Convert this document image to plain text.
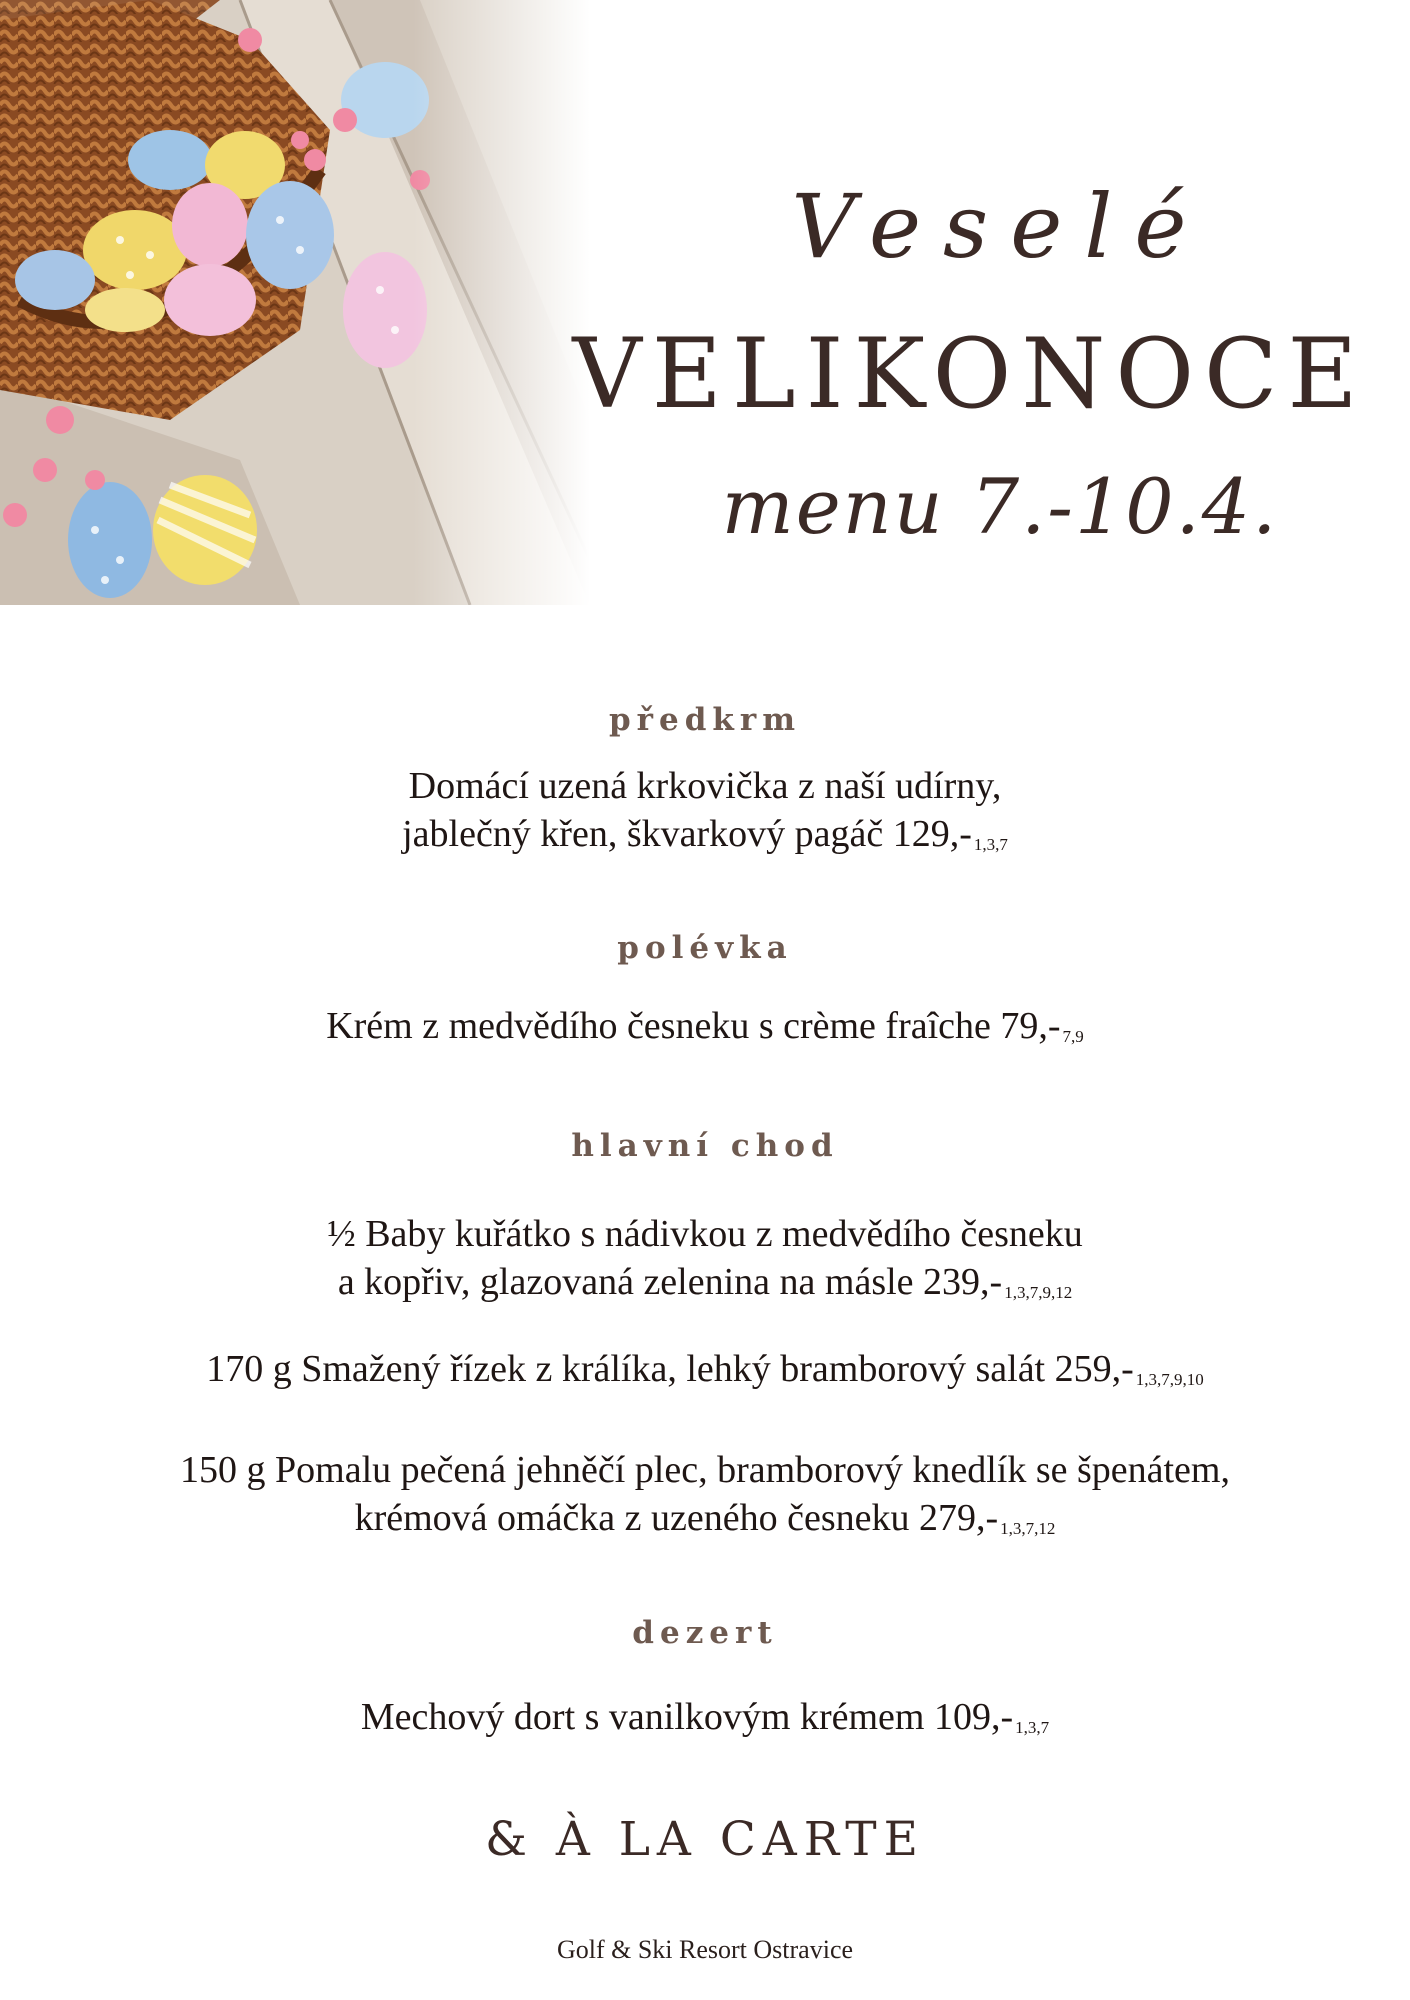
Veselé
VELIKONOCE
menu 7.-10.4.
předkrm
Domácí uzená krkovička z naší udírny,
jablečný křen, škvarkový pagáč 129,- 1,3,7
polévka
Krém z medvědího česneku s crème fraîche 79,- 7,9
hlavní chod
½ Baby kuřátko s nádivkou z medvědího česneku
a kopřiv, glazovaná zelenina na másle 239,- 1,3,7,9,12
170 g Smažený řízek z králíka, lehký bramborový salát 259,- 1,3,7,9,10
150 g Pomalu pečená jehněčí plec, bramborový knedlík se špenátem,
krémová omáčka z uzeného česneku 279,- 1,3,7,12
dezert
Mechový dort s vanilkovým krémem 109,- 1,3,7
& À LA CARTE
Golf & Ski Resort Ostravice
